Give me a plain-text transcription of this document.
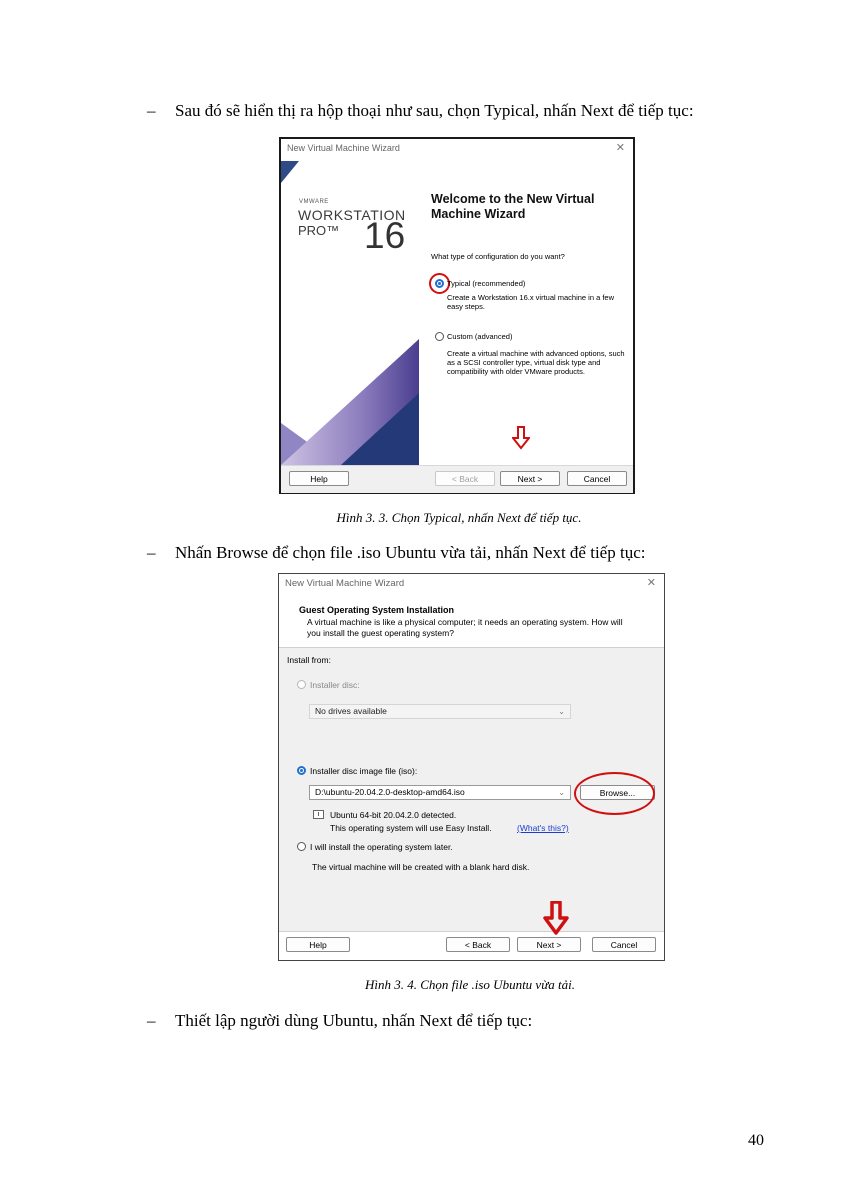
– Sau đó sẽ hiển thị ra hộp thoại như sau, chọn Typical, nhấn Next để tiếp tục:
New Virtual Machine Wizard	✕
VMWARE
WORKSTATION
PRO™ 16
Welcome to the New Virtual Machine Wizard
What type of configuration do you want?
Typical (recommended)
Create a Workstation 16.x virtual machine in a few easy steps.
Custom (advanced)
Create a virtual machine with advanced options, such as a SCSI controller type, virtual disk type and compatibility with older VMware products.
Help	< Back	Next >	Cancel
Hình 3. 3. Chọn Typical, nhấn Next để tiếp tục.
– Nhấn Browse để chọn file .iso Ubuntu vừa tải, nhấn Next để tiếp tục:
New Virtual Machine Wizard	✕
Guest Operating System Installation
A virtual machine is like a physical computer; it needs an operating system. How will you install the guest operating system?
Install from:
Installer disc:
No drives available	⌄
Installer disc image file (iso):
D:\ubuntu-20.04.2.0-desktop-amd64.iso	⌄	Browse...
Ubuntu 64-bit 20.04.2.0 detected.
This operating system will use Easy Install.	(What's this?)
I will install the operating system later.
The virtual machine will be created with a blank hard disk.
Help	< Back	Next >	Cancel
Hình 3. 4. Chọn file .iso Ubuntu vừa tải.
– Thiết lập người dùng Ubuntu, nhấn Next để tiếp tục:
40
